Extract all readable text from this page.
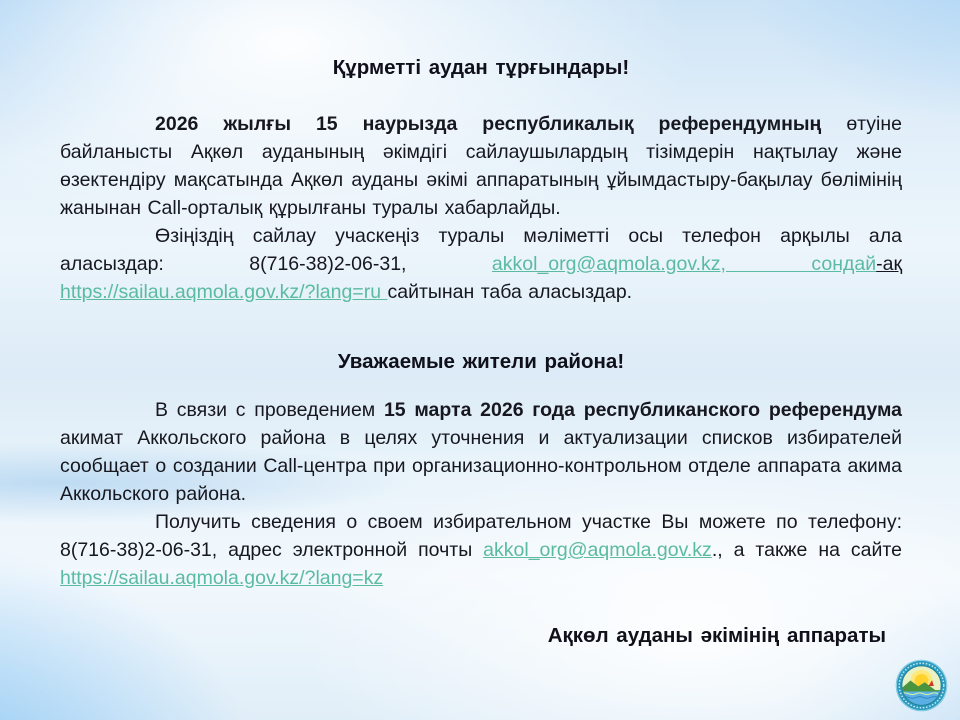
Құрметті аудан тұрғындары!

2026 жылғы 15 наурызда республикалық референдумның өтуіне байланысты Ақкөл ауданының әкімдігі сайлаушылардың тізімдерін нақтылау және өзектендіру мақсатында Ақкөл ауданы әкімі аппаратының ұйымдастыру-бақылау бөлімінің жанынан Call-орталық құрылғаны туралы хабарлайды.

Өзіңіздің сайлау учаскеңіз туралы мәліметті осы телефон арқылы ала аласыздар: 8(716-38)2-06-31, akkol_org@aqmola.gov.kz, сондай-ақ https://sailau.aqmola.gov.kz/?lang=ru сайтынан таба аласыздар.

Уважаемые жители района!

В связи с проведением 15 марта 2026 года республиканского референдума акимат Аккольского района в целях уточнения и актуализации списков избирателей сообщает о создании Call-центра при организационно-контрольном отделе аппарата акима Аккольского района.

Получить сведения о своем избирательном участке Вы можете по телефону: 8(716-38)2-06-31, адрес электронной почты akkol_org@aqmola.gov.kz., а также на сайте https://sailau.aqmola.gov.kz/?lang=kz

Ақкөл ауданы әкімінің аппараты
